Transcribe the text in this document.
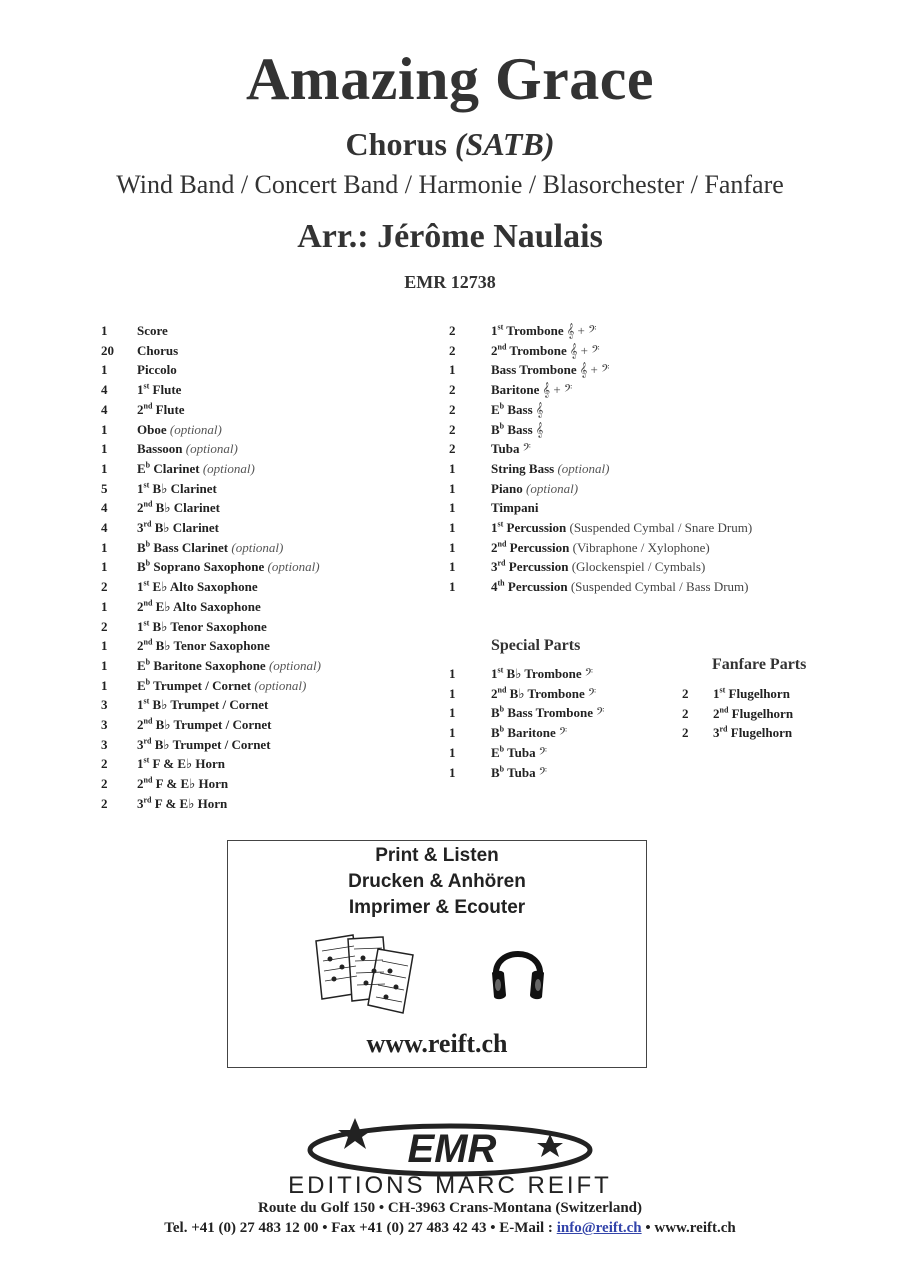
Amazing Grace
Chorus (SATB)
Wind Band / Concert Band / Harmonie / Blasorchester / Fanfare
Arr.: Jérôme Naulais
EMR 12738
1 Score
20 Chorus
1 Piccolo
4 1st Flute
4 2nd Flute
1 Oboe (optional)
1 Bassoon (optional)
1 $E^b$ Clarinet (optional)
5 1st B♭ Clarinet
4 2nd B♭ Clarinet
4 3rd B♭ Clarinet
1 $B^b$ Bass Clarinet (optional)
1 $B^b$ Soprano Saxophone (optional)
2 1st E♭ Alto Saxophone
1 2nd E♭ Alto Saxophone
2 1st B♭ Tenor Saxophone
1 2nd B♭ Tenor Saxophone
1 $E^b$ Baritone Saxophone (optional)
1 $E^b$ Trumpet / Cornet (optional)
3 1st B♭ Trumpet / Cornet
3 2nd B♭ Trumpet / Cornet
3 3rd B♭ Trumpet / Cornet
2 1st F & E♭ Horn
2 2nd F & E♭ Horn
2 3rd F & E♭ Horn
2	1st Trombone 𝄞 + 𝄢
2	2nd Trombone 𝄞 + 𝄢
1	Bass Trombone 𝄞 + 𝄢
2	Baritone 𝄞 + 𝄢
2	$E^b$ Bass 𝄞
2	$B^b$ Bass 𝄞
2	Tuba 𝄢
1	String Bass (optional)
1	Piano (optional)
1	Timpani
1	1st Percussion (Suspended Cymbal / Snare Drum)
1	2nd Percussion (Vibraphone / Xylophone)
1	3rd Percussion (Glockenspiel / Cymbals)
1	4th Percussion (Suspended Cymbal / Bass Drum)
Special Parts
1	1st B♭ Trombone 𝄢
1	2nd B♭ Trombone 𝄢
1	$B^b$ Bass Trombone 𝄢
1	$B^b$ Baritone 𝄢
1	$E^b$ Tuba 𝄢
1	$B^b$ Tuba 𝄢
Fanfare Parts
2 1st Flugelhorn
2 2nd Flugelhorn
2 3rd Flugelhorn
Print & Listen
Drucken & Anhören
Imprimer & Ecouter
www.reift.ch
EMR
EDITIONS MARC REIFT
Route du Golf 150 • CH-3963 Crans-Montana (Switzerland)
Tel. +41 (0) 27 483 12 00 • Fax +41 (0) 27 483 42 43 • E-Mail : info@reift.ch • www.reift.ch
